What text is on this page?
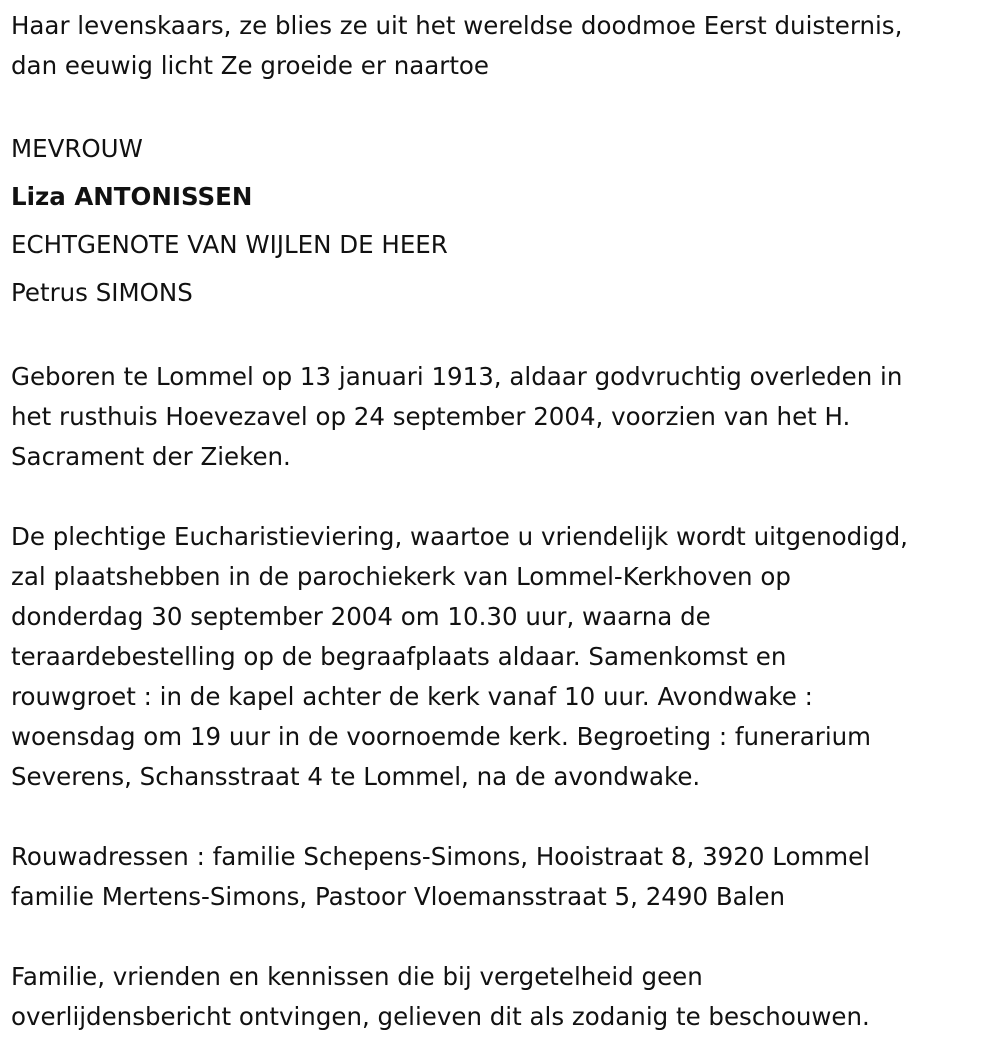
Haar levenskaars, ze blies ze uit het wereldse doodmoe Eerst duisternis,
dan eeuwig licht Ze groeide er naartoe

MEVROUW
Liza ANTONISSEN
ECHTGENOTE VAN WIJLEN DE HEER
Petrus SIMONS

Geboren te Lommel op 13 januari 1913, aldaar godvruchtig overleden in
het rusthuis Hoevezavel op 24 september 2004, voorzien van het H.
Sacrament der Zieken.

De plechtige Eucharistieviering, waartoe u vriendelijk wordt uitgenodigd,
zal plaatshebben in de parochiekerk van Lommel-Kerkhoven op
donderdag 30 september 2004 om 10.30 uur, waarna de
teraardebestelling op de begraafplaats aldaar. Samenkomst en
rouwgroet : in de kapel achter de kerk vanaf 10 uur. Avondwake :
woensdag om 19 uur in de voornoemde kerk. Begroeting : funerarium
Severens, Schansstraat 4 te Lommel, na de avondwake.

Rouwadressen : familie Schepens-Simons, Hooistraat 8, 3920 Lommel
familie Mertens-Simons, Pastoor Vloemansstraat 5, 2490 Balen

Familie, vrienden en kennissen die bij vergetelheid geen
overlijdensbericht ontvingen, gelieven dit als zodanig te beschouwen.
